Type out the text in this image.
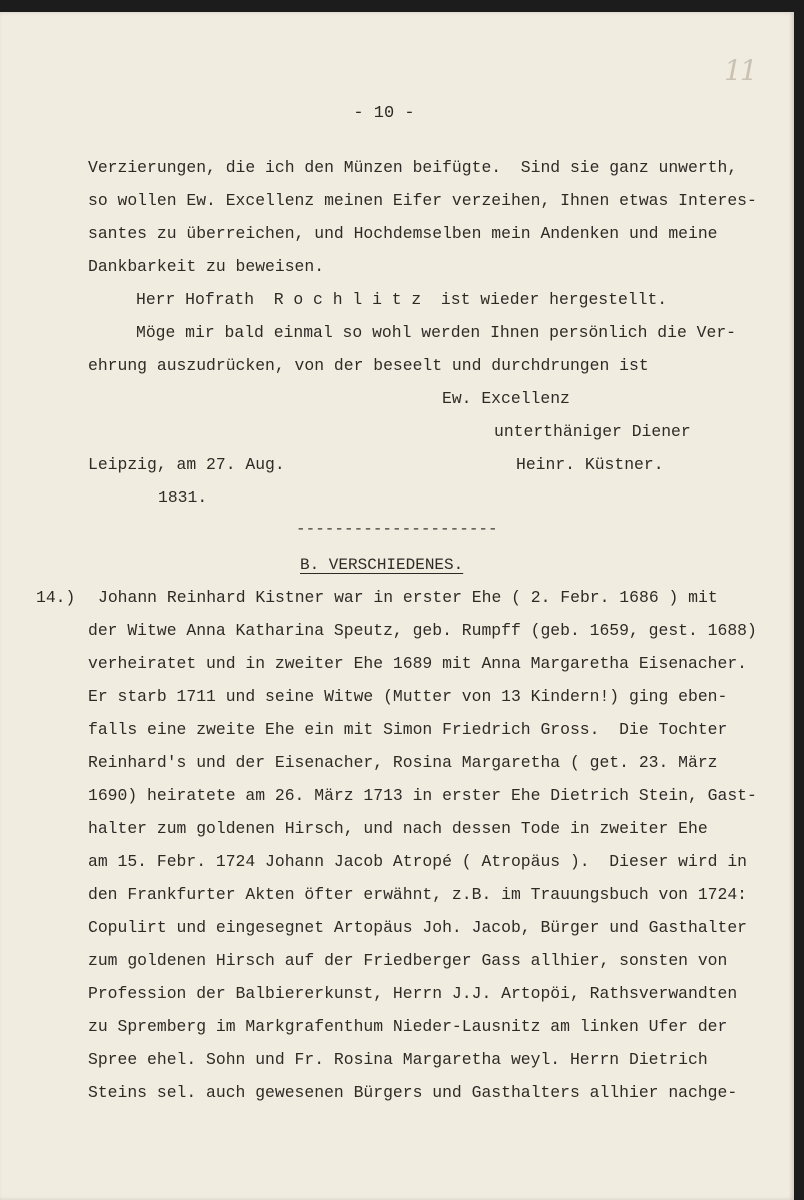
11
- 10 -
Verzierungen, die ich den Münzen beifügte.  Sind sie ganz unwerth,
so wollen Ew. Excellenz meinen Eifer verzeihen, Ihnen etwas Interes-
santes zu überreichen, und Hochdemselben mein Andenken und meine
Dankbarkeit zu beweisen.
Herr Hofrath  R o c h l i t z  ist wieder hergestellt.
Möge mir bald einmal so wohl werden Ihnen persönlich die Ver-
ehrung auszudrücken, von der beseelt und durchdrungen ist
Ew. Excellenz
unterthäniger Diener
Leipzig, am 27. Aug.	Heinr. Küstner.
1831.
---------------------
B. VERSCHIEDENES.
14.) Johann Reinhard Kistner war in erster Ehe ( 2. Febr. 1686 ) mit
der Witwe Anna Katharina Speutz, geb. Rumpff (geb. 1659, gest. 1688)
verheiratet und in zweiter Ehe 1689 mit Anna Margaretha Eisenacher.
Er starb 1711 und seine Witwe (Mutter von 13 Kindern!) ging eben-
falls eine zweite Ehe ein mit Simon Friedrich Gross.  Die Tochter
Reinhard's und der Eisenacher, Rosina Margaretha ( get. 23. März
1690) heiratete am 26. März 1713 in erster Ehe Dietrich Stein, Gast-
halter zum goldenen Hirsch, und nach dessen Tode in zweiter Ehe
am 15. Febr. 1724 Johann Jacob Atropé ( Atropäus ).  Dieser wird in
den Frankfurter Akten öfter erwähnt, z.B. im Trauungsbuch von 1724:
Copulirt und eingesegnet Artopäus Joh. Jacob, Bürger und Gasthalter
zum goldenen Hirsch auf der Friedberger Gass allhier, sonsten von
Profession der Balbiererkunst, Herrn J.J. Artopöi, Rathsverwandten
zu Spremberg im Markgrafenthum Nieder-Lausnitz am linken Ufer der
Spree ehel. Sohn und Fr. Rosina Margaretha weyl. Herrn Dietrich
Steins sel. auch gewesenen Bürgers und Gasthalters allhier nachge-
